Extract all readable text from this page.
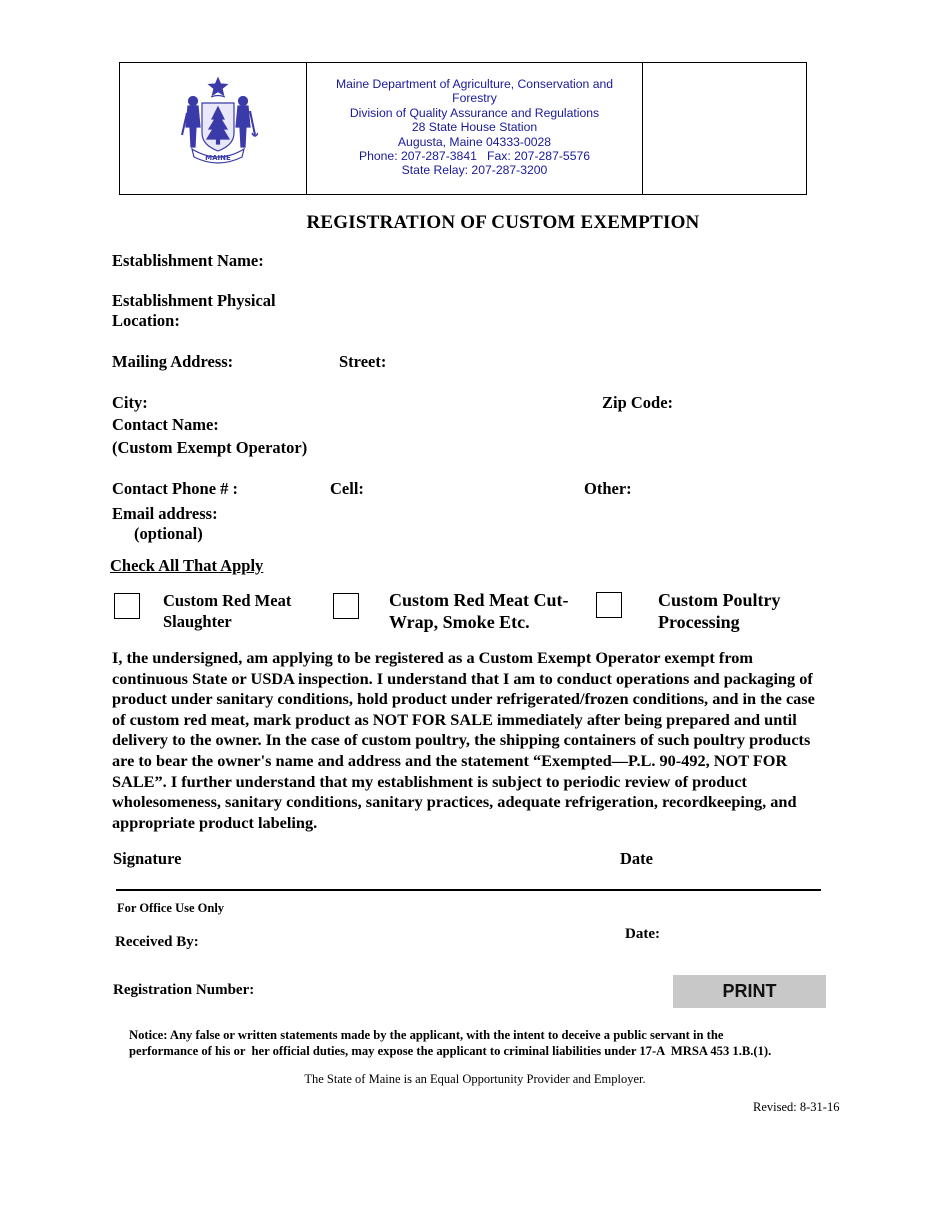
MAINE
Maine Department of Agriculture, Conservation and
Forestry
Division of Quality Assurance and Regulations
28 State House Station
Augusta, Maine 04333-0028
Phone: 207-287-3841   Fax: 207-287-5576
State Relay: 207-287-3200
REGISTRATION OF CUSTOM EXEMPTION
Establishment Name:
Establishment Physical
Location:
Mailing Address:	Street:
City:	Zip Code:
Contact Name:
(Custom Exempt Operator)
Contact Phone # :	Cell:	Other:
Email address:
(optional)
Check All That Apply
Custom Red Meat
Slaughter
Custom Red Meat Cut-
Wrap, Smoke Etc.
Custom Poultry
Processing
I, the undersigned, am applying to be registered as a Custom Exempt Operator exempt from continuous State or USDA inspection. I understand that I am to conduct operations and packaging of product under sanitary conditions, hold product under refrigerated/frozen conditions, and in the case of custom red meat, mark product as NOT FOR SALE immediately after being prepared and until delivery to the owner. In the case of custom poultry, the shipping containers of such poultry products are to bear the owner's name and address and the statement “Exempted—P.L. 90-492, NOT FOR SALE”. I further understand that my establishment is subject to periodic review of product wholesomeness, sanitary conditions, sanitary practices, adequate refrigeration, recordkeeping, and appropriate product labeling.
Signature	Date
For Office Use Only
Received By:	Date:
Registration Number:	PRINT
Notice: Any false or written statements made by the applicant, with the intent to deceive a public servant in the
performance of his or  her official duties, may expose the applicant to criminal liabilities under 17-A  MRSA 453 1.B.(1).
The State of Maine is an Equal Opportunity Provider and Employer.
Revised: 8-31-16
